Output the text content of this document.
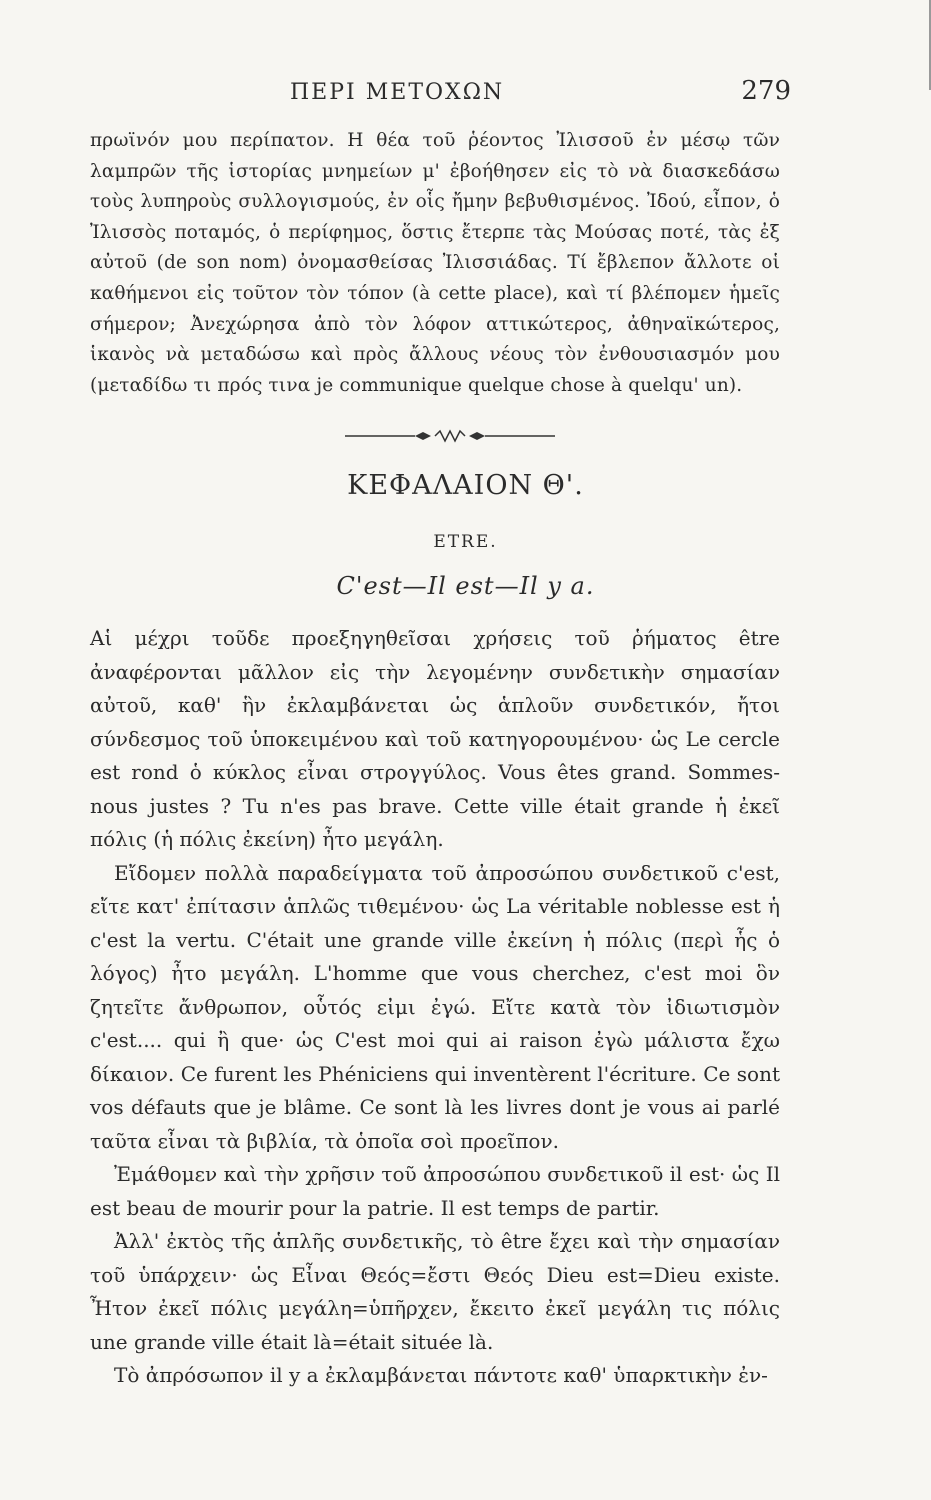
ΠΕΡΙ ΜΕΤΟΧΩΝ	279
πρωϊνόν μου περίπατον. Η θέα τοῦ ῥέοντος Ἰλισσοῦ ἐν μέσῳ τῶν λαμπρῶν τῆς ἱστορίας μνημείων μ' ἐβοήθησεν εἰς τὸ νὰ διασκεδάσω τοὺς λυπηροὺς συλλογισμούς, ἐν οἷς ἤμην βεβυθισμένος. Ἰδού, εἶπον, ὁ Ἰλισσὸς ποταμός, ὁ περίφημος, ὅστις ἔτερπε τὰς Μούσας ποτέ, τὰς ἐξ αὐτοῦ (de son nom) ὀνομασθείσας Ἰλισσιάδας. Τί ἔβλεπον ἄλλοτε οἱ καθήμενοι εἰς τοῦτον τὸν τόπον (à cette place), καὶ τί βλέπομεν ἡμεῖς σήμερον; Ἀνεχώρησα ἀπὸ τὸν λόφον αττικώτερος, ἀθηναϊκώτερος, ἱκανὸς νὰ μεταδώσω καὶ πρὸς ἄλλους νέους τὸν ἐνθουσιασμόν μου (μεταδίδω τι πρός τινα je communique quelque chose à quelqu' un).
ΚΕΦΑΛΑΙΟΝ Θ'.
ETRE.
C'est—Il est—Il y a.

Αἱ μέχρι τοῦδε προεξηγηθεῖσαι χρήσεις τοῦ ῥήματος être ἀναφέρονται μᾶλλον εἰς τὴν λεγομένην συνδετικὴν σημασίαν αὐτοῦ, καθ' ἣν ἐκλαμβάνεται ὡς ἁπλοῦν συνδετικόν, ἤτοι σύνδεσμος τοῦ ὑποκειμένου καὶ τοῦ κατηγορουμένου· ὡς Le cercle est rond ὁ κύκλος εἶναι στρογγύλος. Vous êtes grand. Sommes-nous justes ? Tu n'es pas brave. Cette ville était grande ἡ ἐκεῖ πόλις (ἡ πόλις ἐκείνη) ἦτο μεγάλη.

Εἴδομεν πολλὰ παραδείγματα τοῦ ἀπροσώπου συνδετικοῦ c'est, εἴτε κατ' ἐπίτασιν ἁπλῶς τιθεμένου· ὡς La véritable noblesse est ἡ c'est la vertu. C'était une grande ville ἐκείνη ἡ πόλις (περὶ ἧς ὁ λόγος) ἦτο μεγάλη. L'homme que vous cherchez, c'est moi ὃν ζητεῖτε ἄνθρωπον, οὗτός εἰμι ἐγώ. Εἴτε κατὰ τὸν ἰδιωτισμὸν c'est.... qui ἢ que· ὡς C'est moi qui ai raison ἐγὼ μάλιστα ἔχω δίκαιον. Ce furent les Phéniciens qui inventèrent l'écriture. Ce sont vos défauts que je blâme. Ce sont là les livres dont je vous ai parlé ταῦτα εἶναι τὰ βιβλία, τὰ ὁποῖα σοὶ προεῖπον.

Ἐμάθομεν καὶ τὴν χρῆσιν τοῦ ἀπροσώπου συνδετικοῦ il est· ὡς Il est beau de mourir pour la patrie. Il est temps de partir.

Ἀλλ' ἐκτὸς τῆς ἁπλῆς συνδετικῆς, τὸ être ἔχει καὶ τὴν σημασίαν τοῦ ὑπάρχειν· ὡς Εἶναι Θεός=ἔστι Θεός Dieu est=Dieu existe. Ἦτον ἐκεῖ πόλις μεγάλη=ὑπῆρχεν, ἔκειτο ἐκεῖ μεγάλη τις πόλις une grande ville était là=était située là.

Τὸ ἀπρόσωπον il y a ἐκλαμβάνεται πάντοτε καθ' ὑπαρκτικὴν ἐν-
